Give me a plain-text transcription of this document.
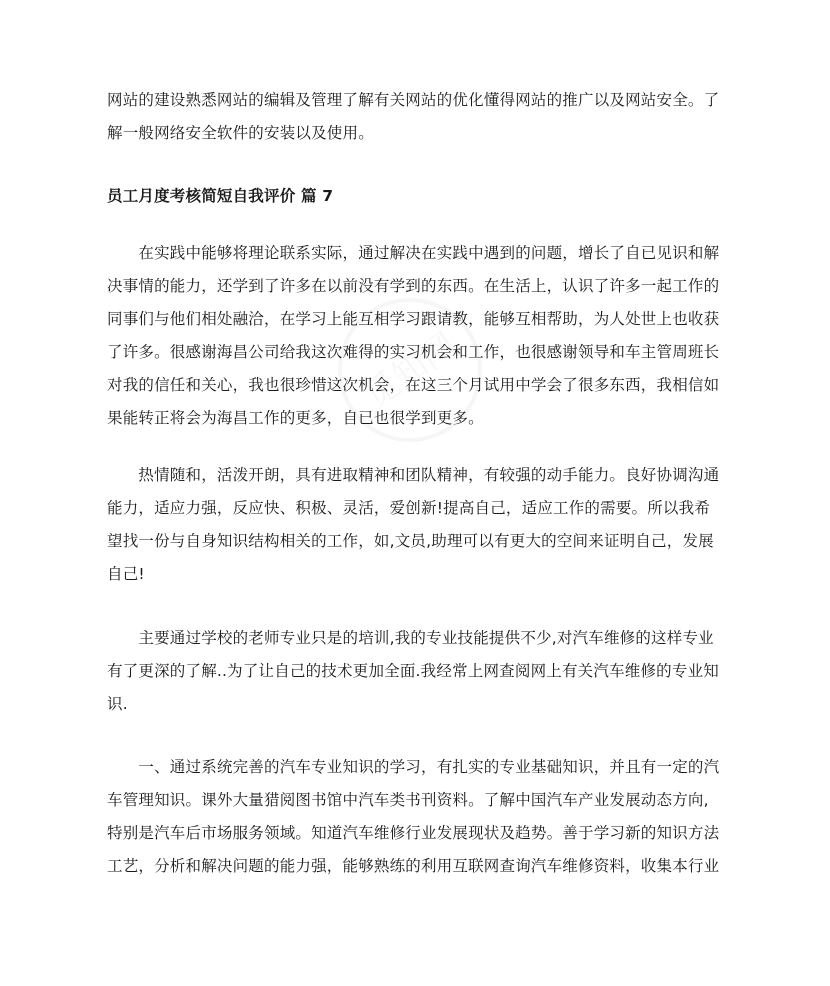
觅知网
网站的建设熟悉网站的编辑及管理了解有关网站的优化懂得网站的推广以及网站安全。了
解一般网络安全软件的安装以及使用。
员工月度考核简短自我评价 篇 7
　　在实践中能够将理论联系实际，通过解决在实践中遇到的问题，增长了自已见识和解
决事情的能力，还学到了许多在以前没有学到的东西。在生活上，认识了许多一起工作的
同事们与他们相处融洽，在学习上能互相学习跟请教，能够互相帮助，为人处世上也收获
了许多。很感谢海昌公司给我这次难得的实习机会和工作，也很感谢领导和车主管周班长
对我的信任和关心，我也很珍惜这次机会，在这三个月试用中学会了很多东西，我相信如
果能转正将会为海昌工作的更多，自已也很学到更多。
　　热情随和，活泼开朗，具有进取精神和团队精神，有较强的动手能力。良好协调沟通
能力，适应力强，反应快、积极、灵活，爱创新!提高自己，适应工作的需要。所以我希
望找一份与自身知识结构相关的工作，如,文员,助理可以有更大的空间来证明自己，发展
自己!
　　主要通过学校的老师专业只是的培训,我的专业技能提供不少,对汽车维修的这样专业
有了更深的了解..为了让自己的技术更加全面.我经常上网查阅网上有关汽车维修的专业知
识.
　　一、通过系统完善的汽车专业知识的学习，有扎实的专业基础知识，并且有一定的汽
车管理知识。课外大量猎阅图书馆中汽车类书刊资料。了解中国汽车产业发展动态方向,
特别是汽车后市场服务领域。知道汽车维修行业发展现状及趋势。善于学习新的知识方法
工艺，分析和解决问题的能力强，能够熟练的利用互联网查询汽车维修资料，收集本行业
